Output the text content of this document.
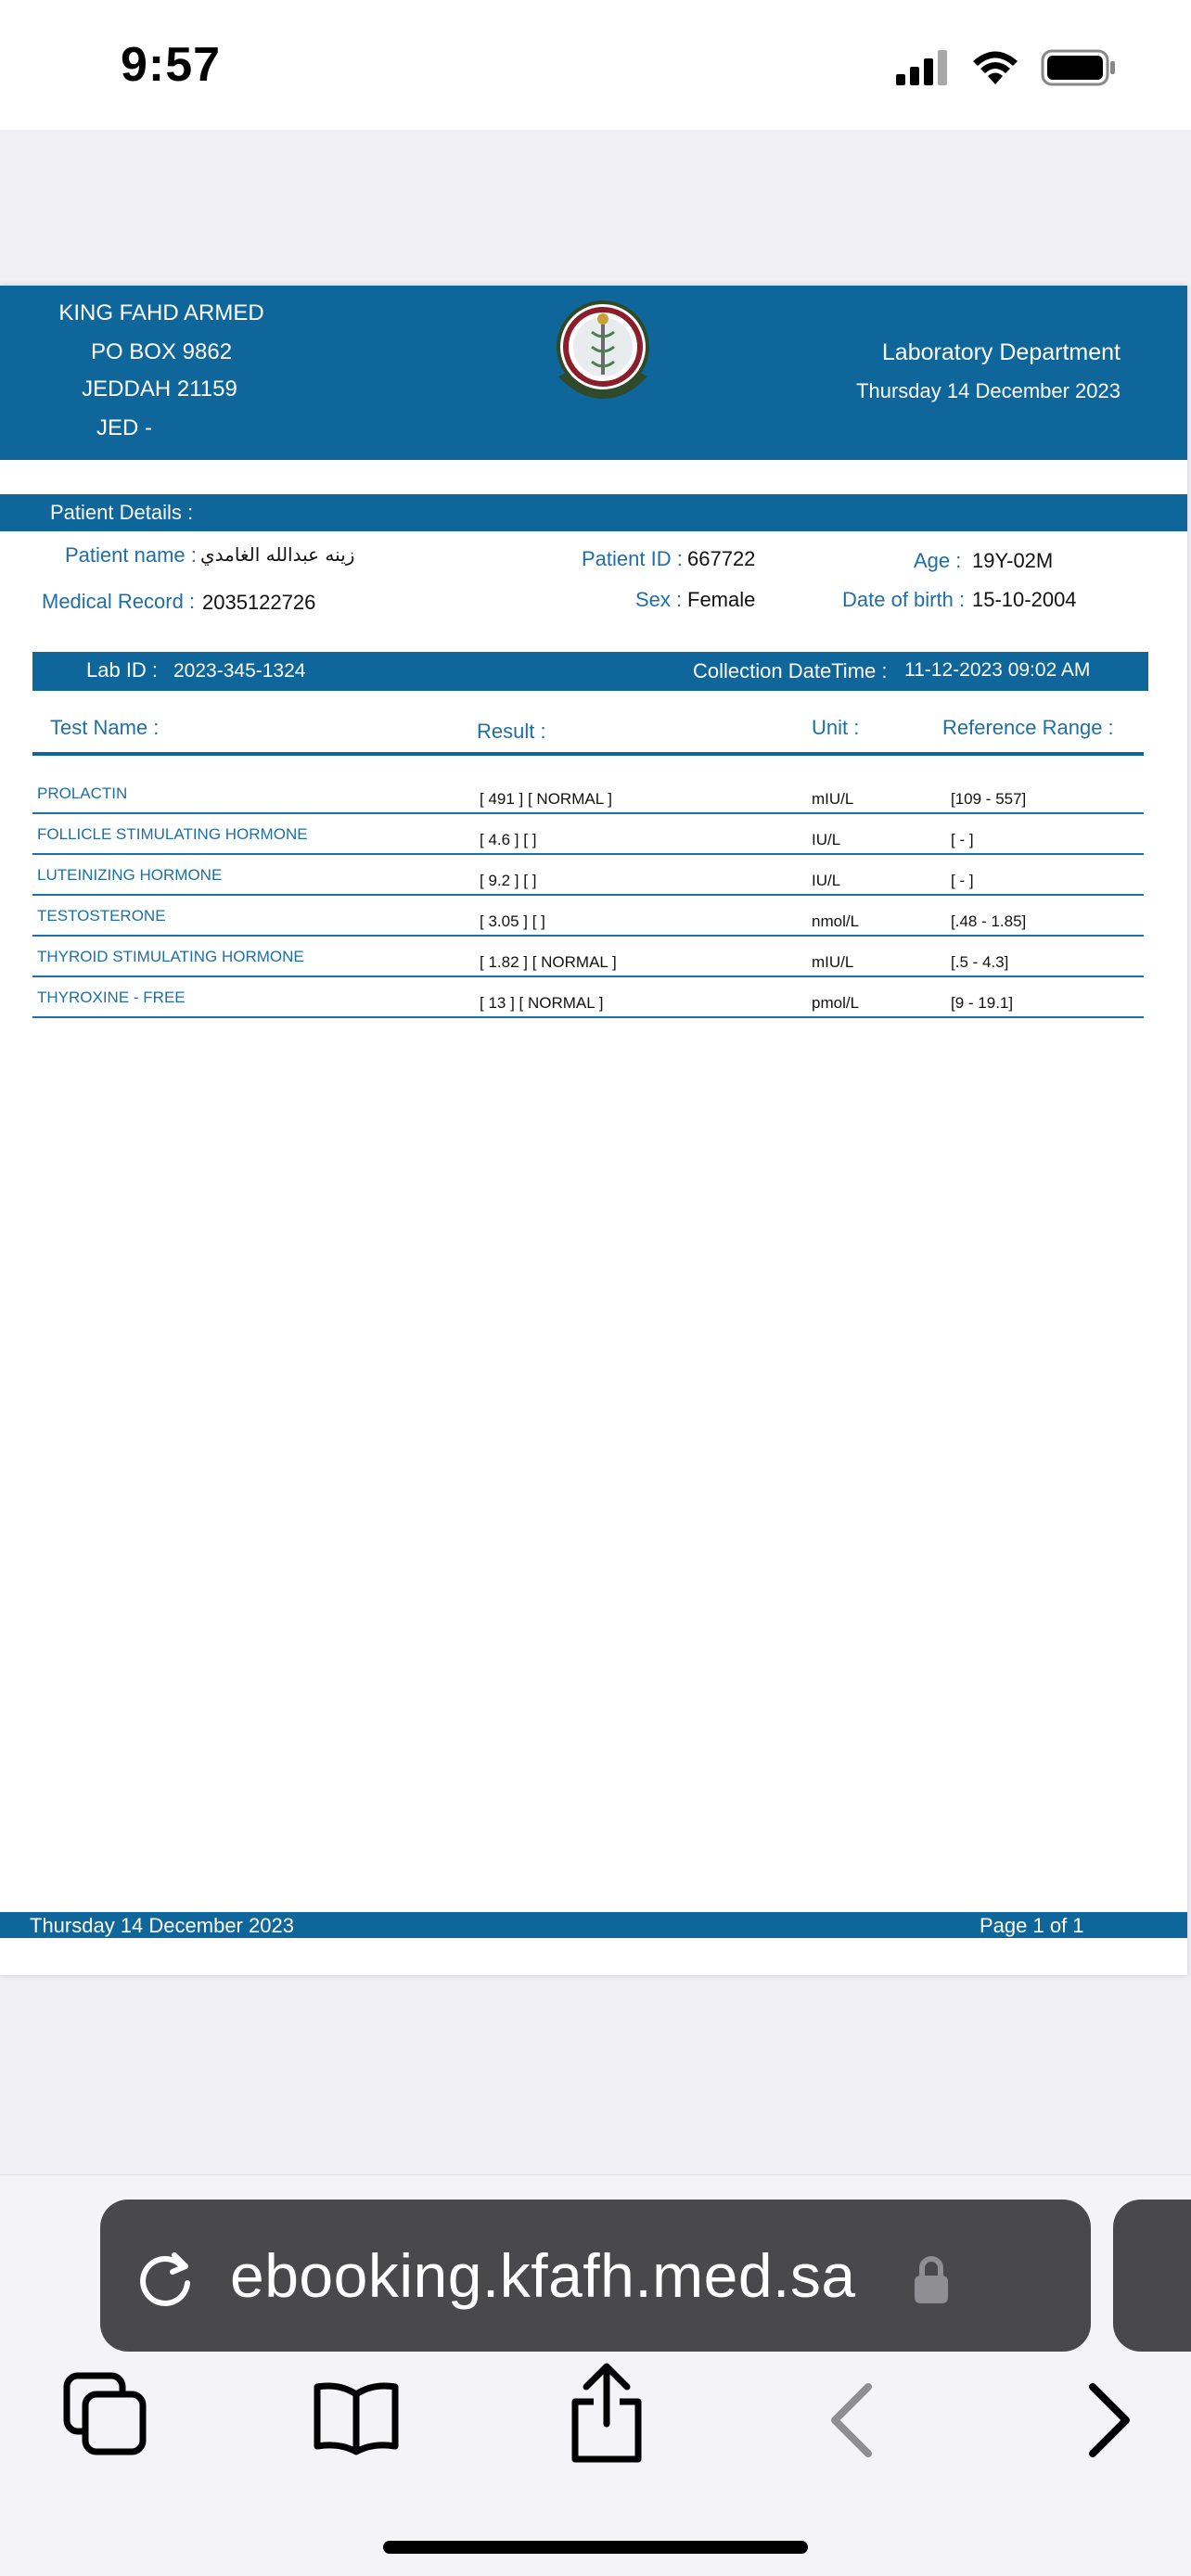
9:57
KING FAHD ARMED
PO BOX 9862
JEDDAH 21159
JED -
Laboratory Department
Thursday 14 December 2023
Patient Details :
Patient name : زينه عبدالله الغامدي	Patient ID : 667722	Age : 19Y-02M
Medical Record : 2035122726	Sex : Female	Date of birth : 15-10-2004
Lab ID : 2023-345-1324	Collection DateTime : 11-12-2023 09:02 AM
Test Name :	Result :	Unit :	Reference Range :
PROLACTIN	[ 491 ] [ NORMAL ]	mIU/L	[109 - 557]
FOLLICLE STIMULATING HORMONE	[ 4.6 ] [ ]	IU/L	[ - ]
LUTEINIZING HORMONE	[ 9.2 ] [ ]	IU/L	[ - ]
TESTOSTERONE	[ 3.05 ] [ ]	nmol/L	[.48 - 1.85]
THYROID STIMULATING HORMONE	[ 1.82 ] [ NORMAL ]	mIU/L	[.5 - 4.3]
THYROXINE - FREE	[ 13 ] [ NORMAL ]	pmol/L	[9 - 19.1]
Thursday 14 December 2023	Page 1 of 1
ebooking.kfafh.med.sa
